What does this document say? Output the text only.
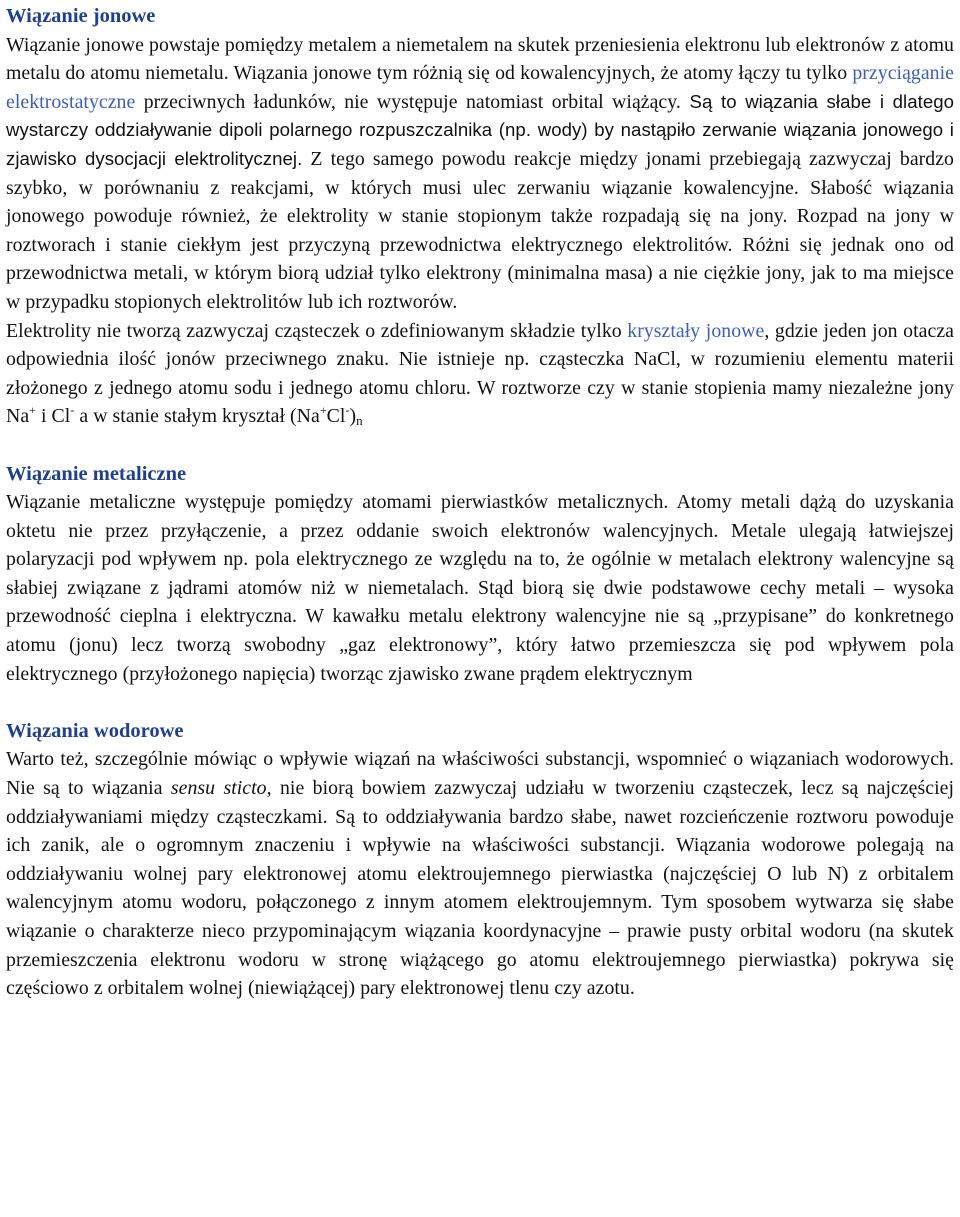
Wiązanie jonowe

Wiązanie jonowe powstaje pomiędzy metalem a niemetalem na skutek przeniesienia elektronu lub elektronów z atomu metalu do atomu niemetalu. Wiązania jonowe tym różnią się od kowalencyjnych, że atomy łączy tu tylko przyciąganie elektrostatyczne przeciwnych ładunków, nie występuje natomiast orbital wiążący. Są to wiązania słabe i dlatego wystarczy oddziaływanie dipoli polarnego rozpuszczalnika (np. wody) by nastąpiło zerwanie wiązania jonowego i zjawisko dysocjacji elektrolitycznej. Z tego samego powodu reakcje między jonami przebiegają zazwyczaj bardzo szybko, w porównaniu z reakcjami, w których musi ulec zerwaniu wiązanie kowalencyjne. Słabość wiązania jonowego powoduje również, że elektrolity w stanie stopionym także rozpadają się na jony. Rozpad na jony w roztworach i stanie ciekłym jest przyczyną przewodnictwa elektrycznego elektrolitów. Różni się jednak ono od przewodnictwa metali, w którym biorą udział tylko elektrony (minimalna masa) a nie ciężkie jony, jak to ma miejsce w przypadku stopionych elektrolitów lub ich roztworów.

Elektrolity nie tworzą zazwyczaj cząsteczek o zdefiniowanym składzie tylko kryształy jonowe, gdzie jeden jon otacza odpowiednia ilość jonów przeciwnego znaku. Nie istnieje np. cząsteczka NaCl, w rozumieniu elementu materii złożonego z jednego atomu sodu i jednego atomu chloru. W roztworze czy w stanie stopienia mamy niezależne jony Na+ i Cl- a w stanie stałym kryształ $(Na^+Cl^-)_n$

Wiązanie metaliczne

Wiązanie metaliczne występuje pomiędzy atomami pierwiastków metalicznych. Atomy metali dążą do uzyskania oktetu nie przez przyłączenie, a przez oddanie swoich elektronów walencyjnych. Metale ulegają łatwiejszej polaryzacji pod wpływem np. pola elektrycznego ze względu na to, że ogólnie w metalach elektrony walencyjne są słabiej związane z jądrami atomów niż w niemetalach. Stąd biorą się dwie podstawowe cechy metali – wysoka przewodność cieplna i elektryczna. W kawałku metalu elektrony walencyjne nie są „przypisane” do konkretnego atomu (jonu) lecz tworzą swobodny „gaz elektronowy”, który łatwo przemieszcza się pod wpływem pola elektrycznego (przyłożonego napięcia) tworząc zjawisko zwane prądem elektrycznym

Wiązania wodorowe

Warto też, szczególnie mówiąc o wpływie wiązań na właściwości substancji, wspomnieć o wiązaniach wodorowych. Nie są to wiązania sensu sticto, nie biorą bowiem zazwyczaj udziału w tworzeniu cząsteczek, lecz są najczęściej oddziaływaniami między cząsteczkami. Są to oddziaływania bardzo słabe, nawet rozcieńczenie roztworu powoduje ich zanik, ale o ogromnym znaczeniu i wpływie na właściwości substancji. Wiązania wodorowe polegają na oddziaływaniu wolnej pary elektronowej atomu elektroujemnego pierwiastka (najczęściej O lub N) z orbitalem walencyjnym atomu wodoru, połączonego z innym atomem elektroujemnym. Tym sposobem wytwarza się słabe wiązanie o charakterze nieco przypominającym wiązania koordynacyjne – prawie pusty orbital wodoru (na skutek przemieszczenia elektronu wodoru w stronę wiążącego go atomu elektroujemnego pierwiastka) pokrywa się częściowo z orbitalem wolnej (niewiążącej) pary elektronowej tlenu czy azotu.
